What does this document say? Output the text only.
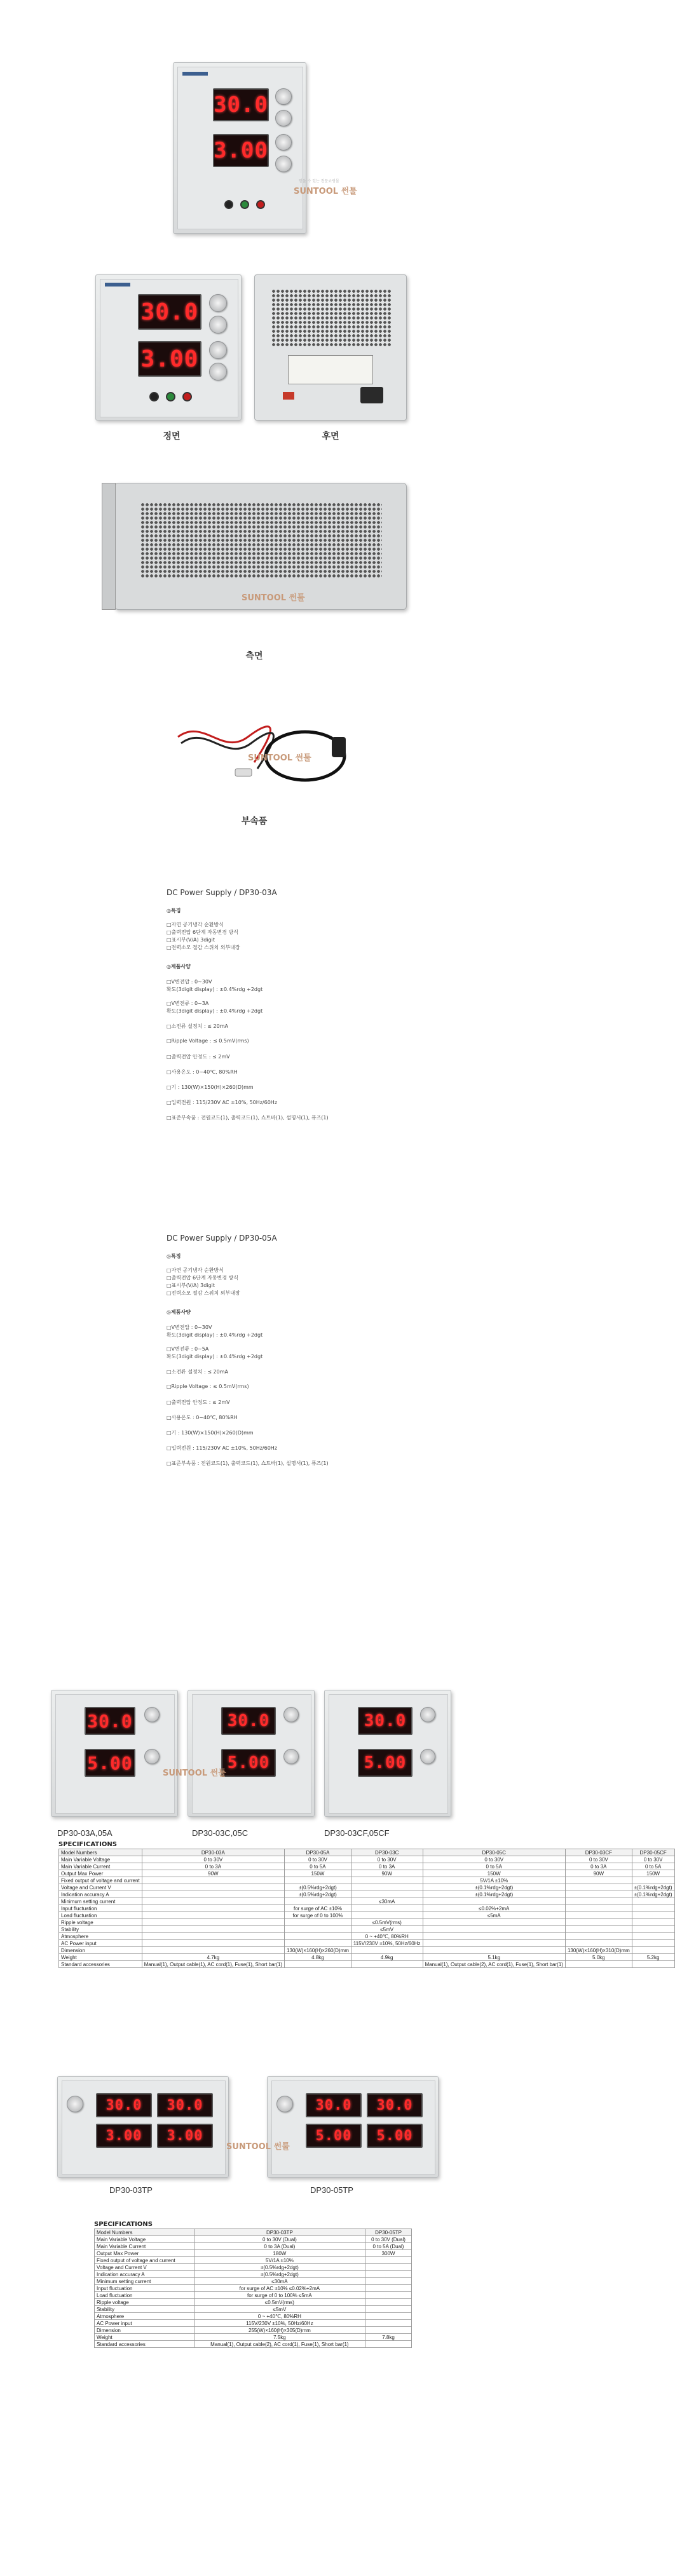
30.0
3.00
SUNTOOL 썬툴
믿을 수 있는 전문쇼핑몰
30.0
3.00
정면	후면
SUNTOOL 썬툴
측면
SUNTOOL 썬툴
부속품
DC Power Supply / DP30-03A
◎특징
□자연 공기냉각 순환방식
□출력전압 6단계 자동변경 방식
□표시부(V/A) 3digit
□전력소모 절감 스위치 외부내장
◎제품사양
□V변전압 : 0~30V
확도(3digit display) : ±0.4%rdg +2dgt
□V변전류 : 0~3A
확도(3digit display) : ±0.4%rdg +2dgt
□소전류 설정치 : ≤ 20mA
□Ripple Voltage : ≤ 0.5mV(rms)
□출력전압 안정도 : ≤ 2mV
□사용온도 : 0~40℃, 80%RH
□기 : 130(W)×150(H)×260(D)mm
□입력전원 : 115/230V AC ±10%, 50Hz/60Hz
□표준부속품 : 전원코드(1), 출력코드(1), 쇼트바(1), 설명서(1), 퓨즈(1)
DC Power Supply / DP30-05A
◎특징
□자연 공기냉각 순환방식
□출력전압 6단계 자동변경 방식
□표시부(V/A) 3digit
□전력소모 절감 스위치 외부내장
◎제품사양
□V변전압 : 0~30V
확도(3digit display) : ±0.4%rdg +2dgt
□V변전류 : 0~5A
확도(3digit display) : ±0.4%rdg +2dgt
□소전류 설정치 : ≤ 20mA
□Ripple Voltage : ≤ 0.5mV(rms)
□출력전압 안정도 : ≤ 2mV
□사용온도 : 0~40℃, 80%RH
□기 : 130(W)×150(H)×260(D)mm
□입력전원 : 115/230V AC ±10%, 50Hz/60Hz
□표준부속품 : 전원코드(1), 출력코드(1), 쇼트바(1), 설명서(1), 퓨즈(1)
30.0
5.00
30.0
5.00
30.0
5.00
SUNTOOL 썬툴
DP30-03A,05A	DP30-03C,05C	DP30-03CF,05CF
SPECIFICATIONS
Model Numbers	DP30-03A	DP30-05A	DP30-03C	DP30-05C	DP30-03CF	DP30-05CF
Main Variable Voltage	0 to 30V	0 to 30V	0 to 30V	0 to 30V	0 to 30V	0 to 30V
Main Variable Current	0 to 3A	0 to 5A	0 to 3A	0 to 5A	0 to 3A	0 to 5A
Output Max Power	90W	150W	90W	150W	90W	150W
Fixed output of voltage and current				5V/1A ±10%		
Voltage and Current V		±(0.5%rdg+2dgt)		±(0.1%rdg+2dgt)		±(0.1%rdg+2dgt)
Indication accuracy A		±(0.5%rdg+2dgt)		±(0.1%rdg+2dgt)		±(0.1%rdg+2dgt)
Minimum setting current			≤30mA			
Input fluctuation		for surge of AC ±10%		≤0.02%+2mA		
Load fluctuation		for surge of 0 to 100%		≤5mA		
Ripple voltage			≤0.5mV(rms)			
Stability			≤5mV			
Atmosphere			0 ~ +40℃, 80%RH			
AC Power input			115V/230V ±10%, 50Hz/60Hz			
Dimension		130(W)×160(H)×260(D)mm			130(W)×160(H)×310(D)mm	
Weight	4.7kg	4.8kg	4.9kg	5.1kg	5.0kg	5.2kg
Standard accessories	Manual(1), Output cable(1), AC cord(1), Fuse(1), Short bar(1)			Manual(1), Output cable(2), AC cord(1), Fuse(1), Short bar(1)		
30.0	30.0
3.00	3.00
30.0	30.0
5.00	5.00
SUNTOOL 썬툴
DP30-03TP	DP30-05TP
SPECIFICATIONS
Model Numbers	DP30-03TP	DP30-05TP
Main Variable Voltage	0 to 30V (Dual)	0 to 30V (Dual)
Main Variable Current	0 to 3A (Dual)	0 to 5A (Dual)
Output Max Power	180W	300W
Fixed output of voltage and current	5V/1A ±10%	
Voltage and Current V	±(0.5%rdg+2dgt)	
Indication accuracy A	±(0.5%rdg+2dgt)	
Minimum setting current	≤30mA	
Input fluctuation	for surge of AC ±10% ≤0.02%+2mA	
Load fluctuation	for surge of 0 to 100% ≤5mA	
Ripple voltage	≤0.5mV(rms)	
Stability	≤5mV	
Atmosphere	0 ~ +40℃, 80%RH	
AC Power input	115V/230V ±10%, 50Hz/60Hz	
Dimension	255(W)×160(H)×305(D)mm	
Weight	7.5kg	7.8kg
Standard accessories	Manual(1), Output cable(2), AC cord(1), Fuse(1), Short bar(1)	
